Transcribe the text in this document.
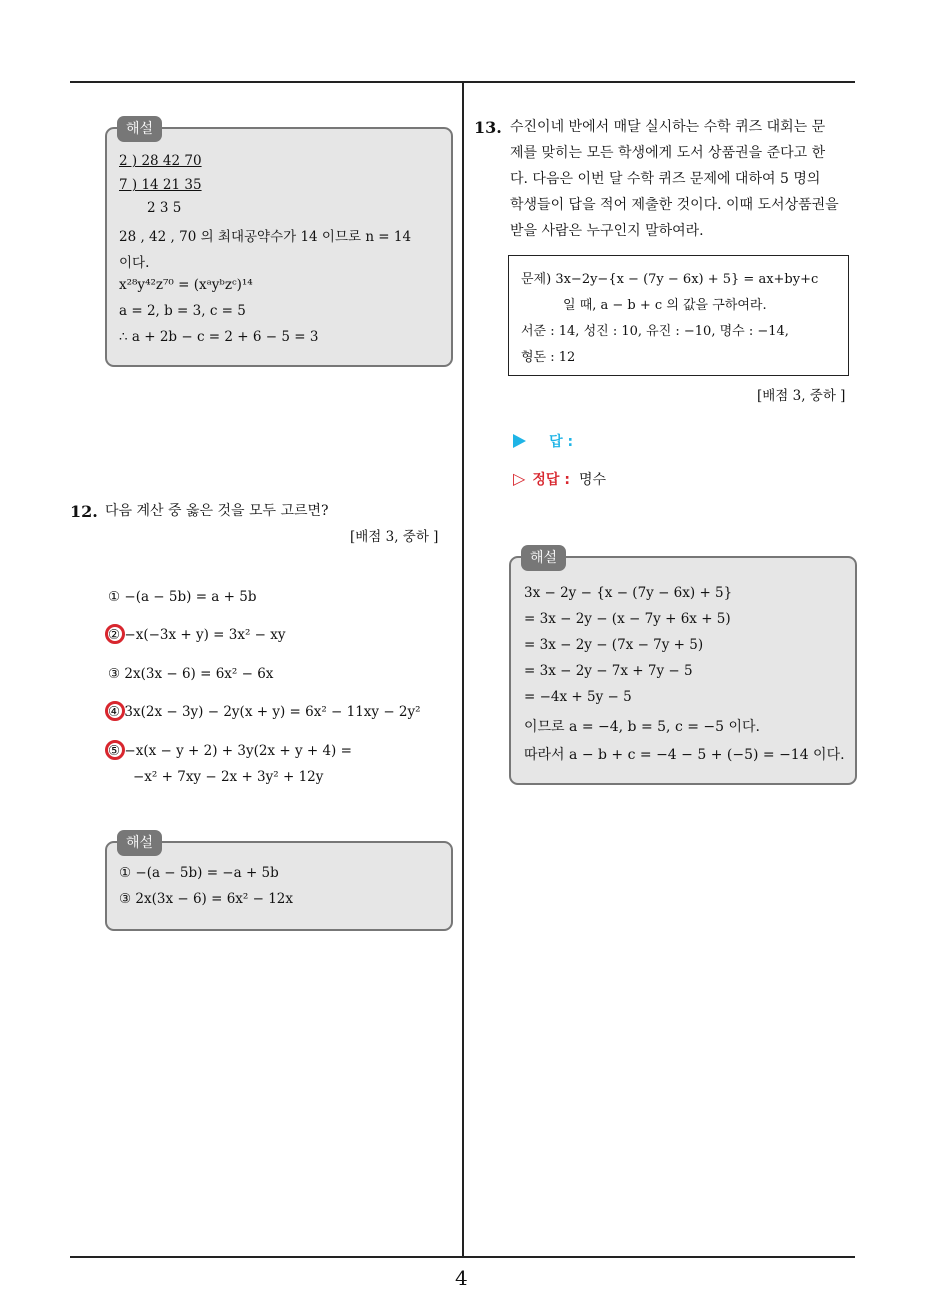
4
2 ) 28 42 70
7 ) 14 21 35
2 3 5
28 , 42 , 70 의 최대공약수가 14 이므로 n = 14
이다.
x²⁸y⁴²z⁷⁰ = (xᵃyᵇzᶜ)¹⁴
a = 2, b = 3, c = 5
∴ a + 2b − c = 2 + 6 − 5 = 3
해설
12. 다음 계산 중 옳은 것을 모두 고르면?
[배점 3, 중하 ]
① −(a − 5b) = a + 5b
② −x(−3x + y) = 3x² − xy
③ 2x(3x − 6) = 6x² − 6x
④ 3x(2x − 3y) − 2y(x + y) = 6x² − 11xy − 2y²
⑤ −x(x − y + 2) + 3y(2x + y + 4) =
−x² + 7xy − 2x + 3y² + 12y
① −(a − 5b) = −a + 5b
③ 2x(3x − 6) = 6x² − 12x
해설
13. 수진이네 반에서 매달 실시하는 수학 퀴즈 대회는 문
제를 맞히는 모든 학생에게 도서 상품권을 준다고 한
다. 다음은 이번 달 수학 퀴즈 문제에 대하여 5 명의
학생들이 답을 적어 제출한 것이다. 이때 도서상품권을
받을 사람은 누구인지 말하여라.
문제) 3x−2y−{x − (7y − 6x) + 5} = ax+by+c
일 때, a − b + c 의 값을 구하여라.
서준 : 14, 성진 : 10, 유진 : −10, 명수 : −14,
형돈 : 12
[배점 3, 중하 ]
답 :
▷ 정답 : 명수
3x − 2y − {x − (7y − 6x) + 5}
= 3x − 2y − (x − 7y + 6x + 5)
= 3x − 2y − (7x − 7y + 5)
= 3x − 2y − 7x + 7y − 5
= −4x + 5y − 5
이므로 a = −4, b = 5, c = −5 이다.
따라서 a − b + c = −4 − 5 + (−5) = −14 이다.
해설
